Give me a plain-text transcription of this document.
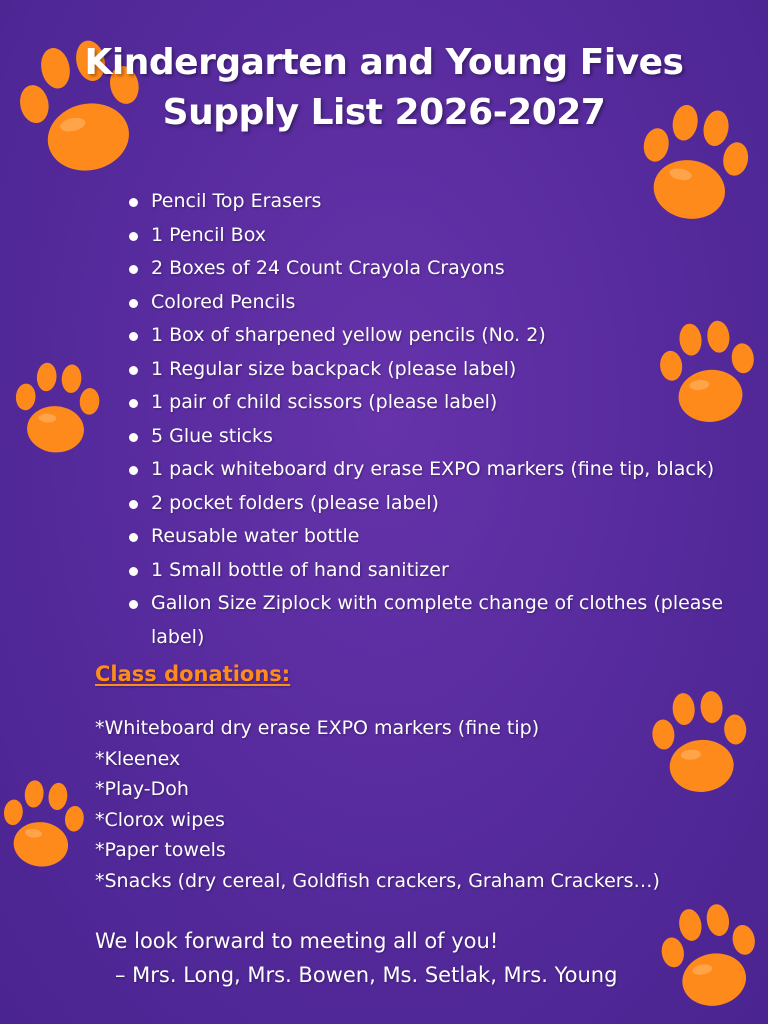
Kindergarten and Young Fives
Supply List 2026-2027
Pencil Top Erasers
1 Pencil Box
2 Boxes of 24 Count Crayola Crayons
Colored Pencils
1 Box of sharpened yellow pencils (No. 2)
1 Regular size backpack (please label)
1 pair of child scissors (please label)
5 Glue sticks
1 pack whiteboard dry erase EXPO markers (fine tip, black)
2 pocket folders (please label)
Reusable water bottle
1 Small bottle of hand sanitizer
Gallon Size Ziplock with complete change of clothes (please label)
Class donations:
*Whiteboard dry erase EXPO markers (fine tip)
*Kleenex
*Play-Doh
*Clorox wipes
*Paper towels
*Snacks (dry cereal, Goldfish crackers, Graham Crackers…)
We look forward to meeting all of you!
– Mrs. Long, Mrs. Bowen, Ms. Setlak, Mrs. Young
